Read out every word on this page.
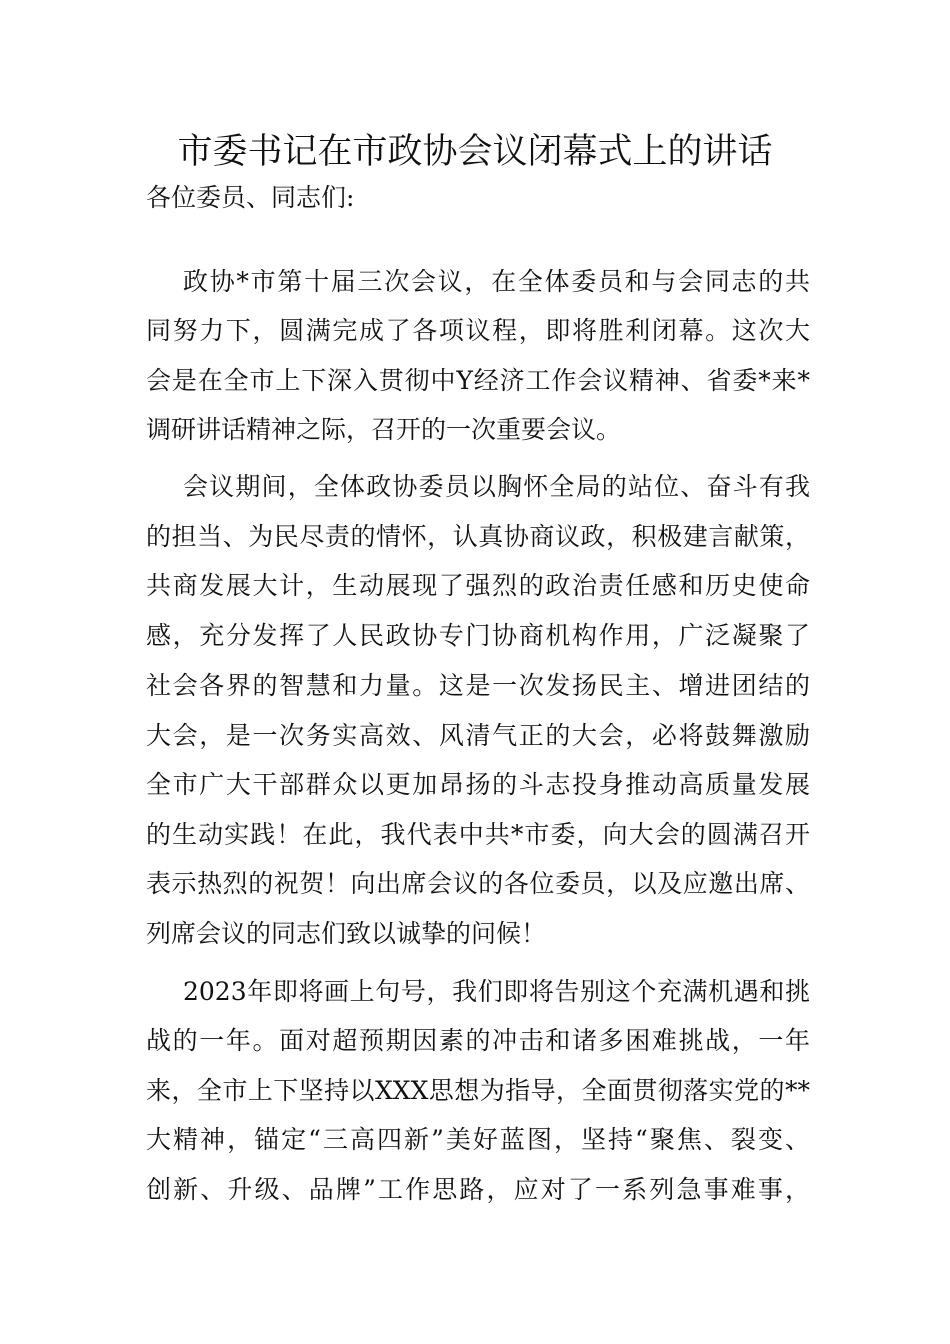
市委书记在市政协会议闭幕式上的讲话
各位委员、同志们:
政协*市第十届三次会议，在全体委员和与会同志的共
同努力下，圆满完成了各项议程，即将胜利闭幕。这次大
会是在全市上下深入贯彻中Y经济工作会议精神、省委*来*
调研讲话精神之际，召开的一次重要会议。
会议期间，全体政协委员以胸怀全局的站位、奋斗有我
的担当、为民尽责的情怀，认真协商议政，积极建言献策，
共商发展大计，生动展现了强烈的政治责任感和历史使命
感，充分发挥了人民政协专门协商机构作用，广泛凝聚了
社会各界的智慧和力量。这是一次发扬民主、增进团结的
大会，是一次务实高效、风清气正的大会，必将鼓舞激励
全市广大干部群众以更加昂扬的斗志投身推动高质量发展
的生动实践！在此，我代表中共*市委，向大会的圆满召开
表示热烈的祝贺！向出席会议的各位委员，以及应邀出席、
列席会议的同志们致以诚挚的问候！
2023年即将画上句号，我们即将告别这个充满机遇和挑
战的一年。面对超预期因素的冲击和诸多困难挑战，一年
来，全市上下坚持以XXX思想为指导，全面贯彻落实党的**
大精神，锚定“三高四新”美好蓝图，坚持“聚焦、裂变、
创新、升级、品牌”工作思路，应对了一系列急事难事，
